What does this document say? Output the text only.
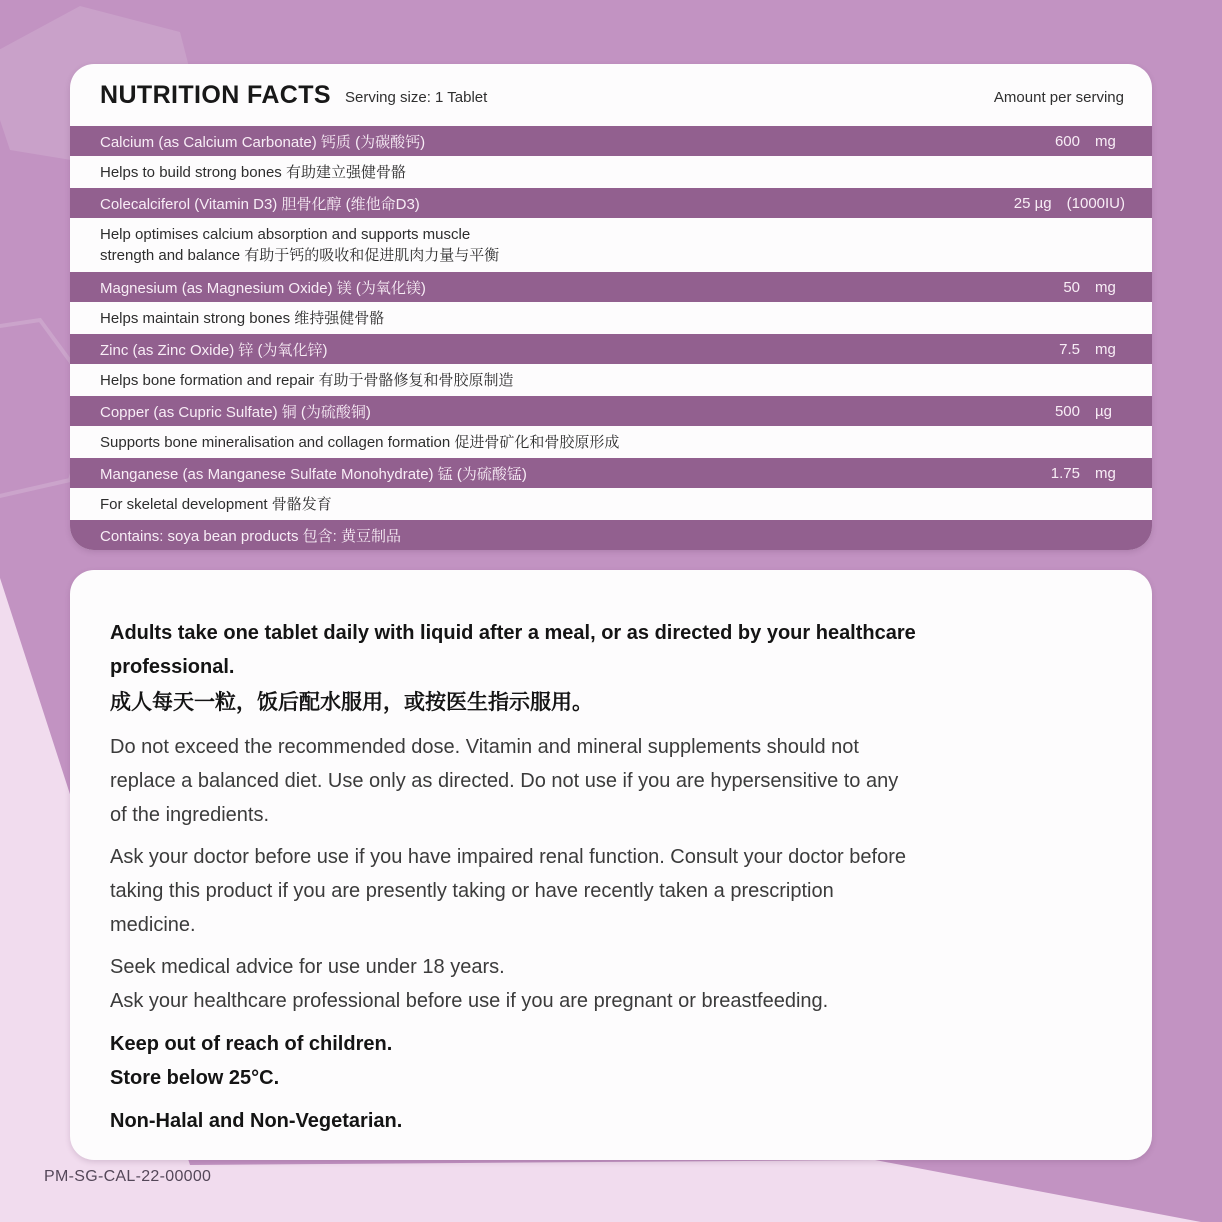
NUTRITION FACTS Serving size: 1 Tablet	Amount per serving
Calcium (as Calcium Carbonate) 钙质 (为碳酸钙)	600 mg
Helps to build strong bones 有助建立强健骨骼
Colecalciferol (Vitamin D3) 胆骨化醇 (维他命D3)	25 µg (1000IU)
Help optimises calcium absorption and supports muscle
strength and balance 有助于钙的吸收和促进肌肉力量与平衡
Magnesium (as Magnesium Oxide) 镁 (为氧化镁)	50 mg
Helps maintain strong bones 维持强健骨骼
Zinc (as Zinc Oxide) 锌 (为氧化锌)	7.5 mg
Helps bone formation and repair 有助于骨骼修复和骨胶原制造
Copper (as Cupric Sulfate) 铜 (为硫酸铜)	500 µg
Supports bone mineralisation and collagen formation 促进骨矿化和骨胶原形成
Manganese (as Manganese Sulfate Monohydrate) 锰 (为硫酸锰)	1.75 mg
For skeletal development 骨骼发育
Contains: soya bean products 包含: 黄豆制品

Adults take one tablet daily with liquid after a meal, or as directed by your healthcare
professional.

成人每天一粒，饭后配水服用，或按医生指示服用。

Do not exceed the recommended dose. Vitamin and mineral supplements should not
replace a balanced diet. Use only as directed. Do not use if you are hypersensitive to any
of the ingredients.

Ask your doctor before use if you have impaired renal function. Consult your doctor before
taking this product if you are presently taking or have recently taken a prescription
medicine.

Seek medical advice for use under 18 years.
Ask your healthcare professional before use if you are pregnant or breastfeeding.

Keep out of reach of children.
Store below 25°C.

Non-Halal and Non-Vegetarian.

PM-SG-CAL-22-00000
